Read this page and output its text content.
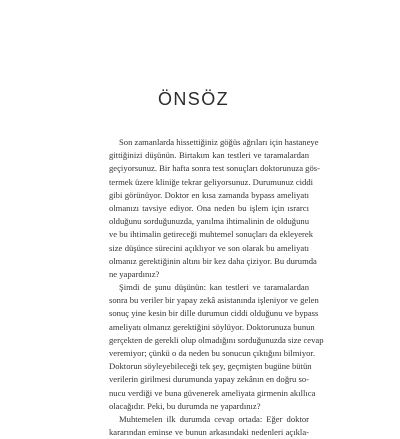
ÖNSÖZ
Son zamanlarda hissettiğiniz göğüs ağrıları için hastaneye
gittiğinizi düşünün. Birtakım kan testleri ve taramalardan
geçiyorsunuz. Bir hafta sonra test sonuçları doktorunuza gös-
termek üzere kliniğe tekrar geliyorsunuz. Durumunuz ciddi
gibi görünüyor. Doktor en kısa zamanda bypass ameliyatı
olmanızı tavsiye ediyor. Ona neden bu işlem için ısrarcı
olduğunu sorduğunuzda, yanılma ihtimalinin de olduğunu
ve bu ihtimalin getireceği muhtemel sonuçları da ekleyerek
size düşünce sürecini açıklıyor ve son olarak bu ameliyatı
olmanız gerektiğinin altını bir kez daha çiziyor. Bu durumda
ne yapardınız?
Şimdi de şunu düşünün: kan testleri ve taramalardan
sonra bu veriler bir yapay zekâ asistanında işleniyor ve gelen
sonuç yine kesin bir dille durumun ciddi olduğunu ve bypass
ameliyatı olmanız gerektiğini söylüyor. Doktorunuza bunun
gerçekten de gerekli olup olmadığını sorduğunuzda size cevap
veremiyor; çünkü o da neden bu sonucun çıktığını bilmiyor.
Doktorun söyleyebileceği tek şey, geçmişten bugüne bütün
verilerin girilmesi durumunda yapay zekânın en doğru so-
nucu verdiği ve buna güvenerek ameliyata girmenin akıllıca
olacağıdır. Peki, bu durumda ne yapardınız?
Muhtemelen ilk durumda cevap ortada: Eğer doktor
kararından eminse ve bunun arkasındaki nedenleri açıkla-
